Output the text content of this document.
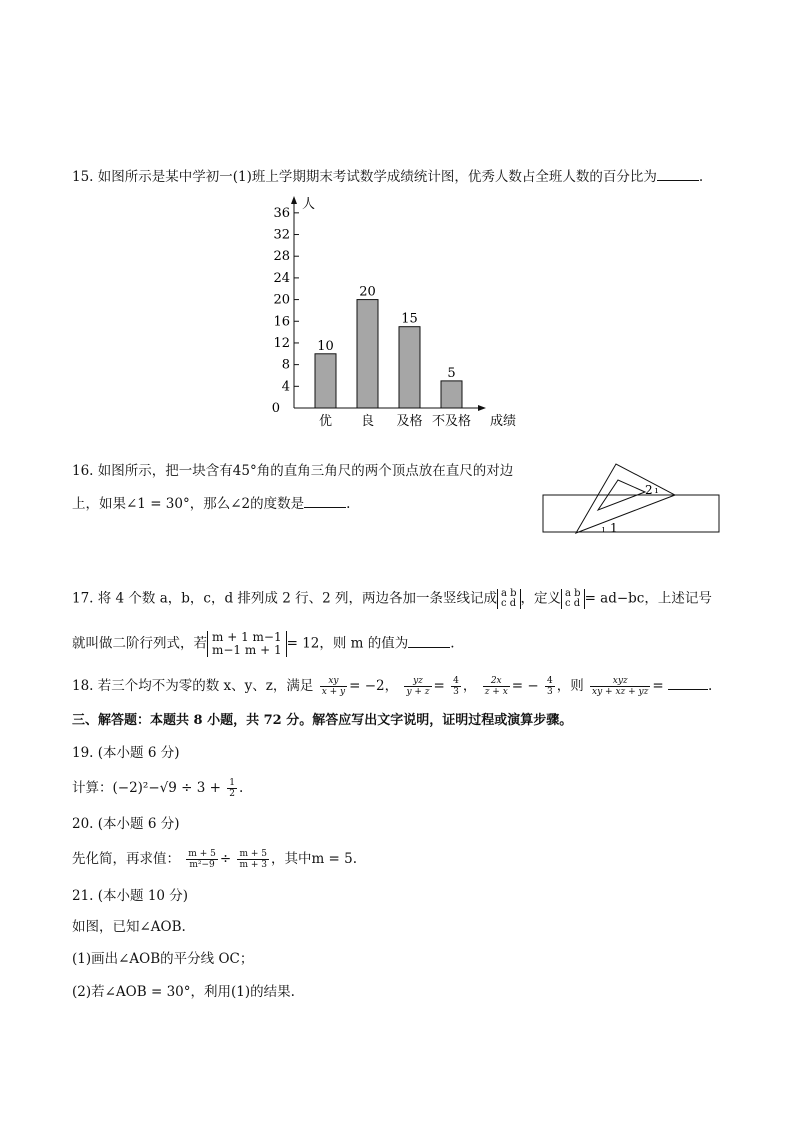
15. 如图所示是某中学初一(1)班上学期期末考试数学成绩统计图，优秀人数占全班人数的百分比为	.
人
成绩
0
4
8
12
16
20
24
28
32
36
10
优
20
良
15
及格
5
不及格
16. 如图所示，把一块含有45°角的直角三角尺的两个顶点放在直尺的对边
上，如果∠1 = 30°，那么∠2的度数是	.
1
2
ı
ı
17. 将 4 个数 a，b，c，d 排列成 2 行、2 列，两边各加一条竖线记成 a b
c d ，定义 a b
c d = ad−bc，上述记号
就叫做二阶行列式，若 m + 1 m−1
m−1 m + 1 = 12，则 m 的值为	.
18. 若三个均不为零的数 x、y、z，满足 $\frac{xy}{x + y} = -2$， $\frac{yz}{y + z} = \frac{4}{3}$ ， $\frac{2x}{z + x}$ = − $\frac{4}{3}$ ，则 $\frac{\text{xyz}}{xy + xz + yz}$ =	.
三、解答题：本题共 8 小题，共 72 分。解答应写出文字说明，证明过程或演算步骤。
19. (本小题 6 分)
计算：$(-2)^2-√9 \div 3 + \frac{1}{2}$ .
20. (本小题 6 分)
先化简，再求值： $\frac{m + 5}{\text{m²−9}} \div \frac{m + 5}{m + 3}$ ，其中m = 5.
21. (本小题 10 分)
如图，已知∠AOB.
(1)画出∠AOB的平分线 OC；
(2)若∠AOB = 30°，利用(1)的结果.
